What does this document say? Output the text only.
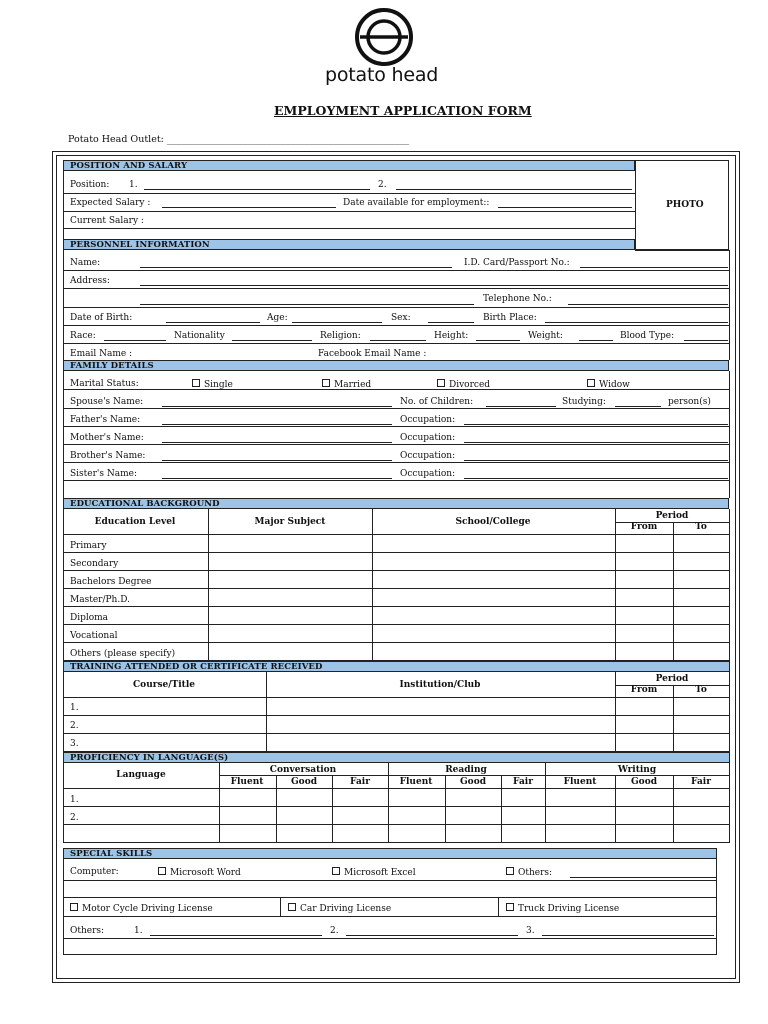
potato head
EMPLOYMENT APPLICATION FORM
Potato Head Outlet: ___________________________________________________
POSITION AND SALARY
PHOTO
Position: 1.	2.
Expected Salary :	Date available for employment::
Current Salary :
PERSONNEL INFORMATION
Name:	I.D. Card/Passport No.:
Address:
Telephone No.:
Date of Birth:	Age:	Sex:	Birth Place:
Race:	Nationality	Religion:	Height:	Weight:	Blood Type:
Email Name :	Facebook Email Name :
FAMILY DETAILS
Marital Status:	Single	Married	Divorced	Widow
Spouse's Name:	No. of Children:	Studying:	person(s)
Father's Name:	Occupation:
Mother's Name:	Occupation:
Brother's Name:	Occupation:
Sister's Name:	Occupation:
EDUCATIONAL BACKGROUND
Education Level	Major Subject	School/College
Period
From	To
Primary
Secondary
Bachelors Degree
Master/Ph.D.
Diploma
Vocational
Others (please specify)
TRAINING ATTENDED OR CERTIFICATE RECEIVED
Course/Title	Institution/Club
Period
From	To
1.
2.
3.
PROFICIENCY IN LANGUAGE(S)
Language	Conversation	Reading	Writing
Fluent	Good	Fair	Fluent	Good	Fair	Fluent	Good	Fair
1.
2.
SPECIAL SKILLS
Computer:	Microsoft Word	Microsoft Excel	Others:
Motor Cycle Driving License	Car Driving License	Truck Driving License
Others:	1.	2.	3.
